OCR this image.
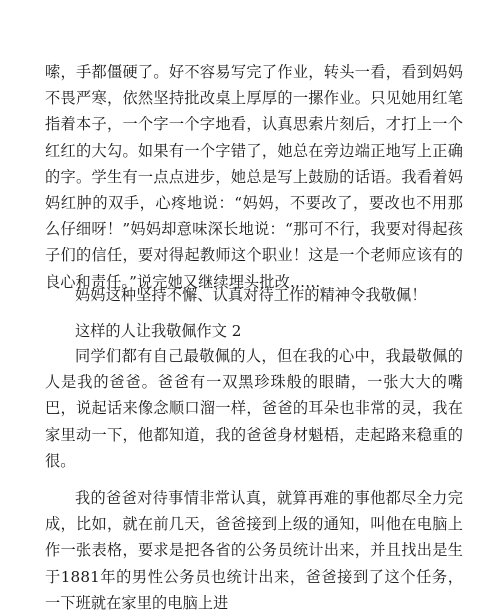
嗦，手都僵硬了。好不容易写完了作业，转头一看，看到妈妈不畏严寒，依然坚持批改桌上厚厚的一摞作业。只见她用红笔指着本子，一个字一个字地看，认真思索片刻后，才打上一个红红的大勾。如果有一个字错了，她总在旁边端正地写上正确的字。学生有一点点进步，她总是写上鼓励的话语。我看着妈妈红肿的双手，心疼地说：“妈妈，不要改了，要改也不用那么仔细呀！”妈妈却意味深长地说：“那可不行，我要对得起孩子们的信任，要对得起教师这个职业！这是一个老师应该有的良心和责任。”说完她又继续埋头批改……

妈妈这种坚持不懈、认真对待工作的精神令我敬佩！

这样的人让我敬佩作文 2

同学们都有自己最敬佩的人，但在我的心中，我最敬佩的人是我的爸爸。爸爸有一双黑珍珠般的眼睛，一张大大的嘴巴，说起话来像念顺口溜一样，爸爸的耳朵也非常的灵，我在家里动一下，他都知道，我的爸爸身材魁梧，走起路来稳重的很。

我的爸爸对待事情非常认真，就算再难的事他都尽全力完成，比如，就在前几天，爸爸接到上级的通知，叫他在电脑上作一张表格，要求是把各省的公务员统计出来，并且找出是生于1881年的男性公务员也统计出来，爸爸接到了这个任务，一下班就在家里的电脑上进
